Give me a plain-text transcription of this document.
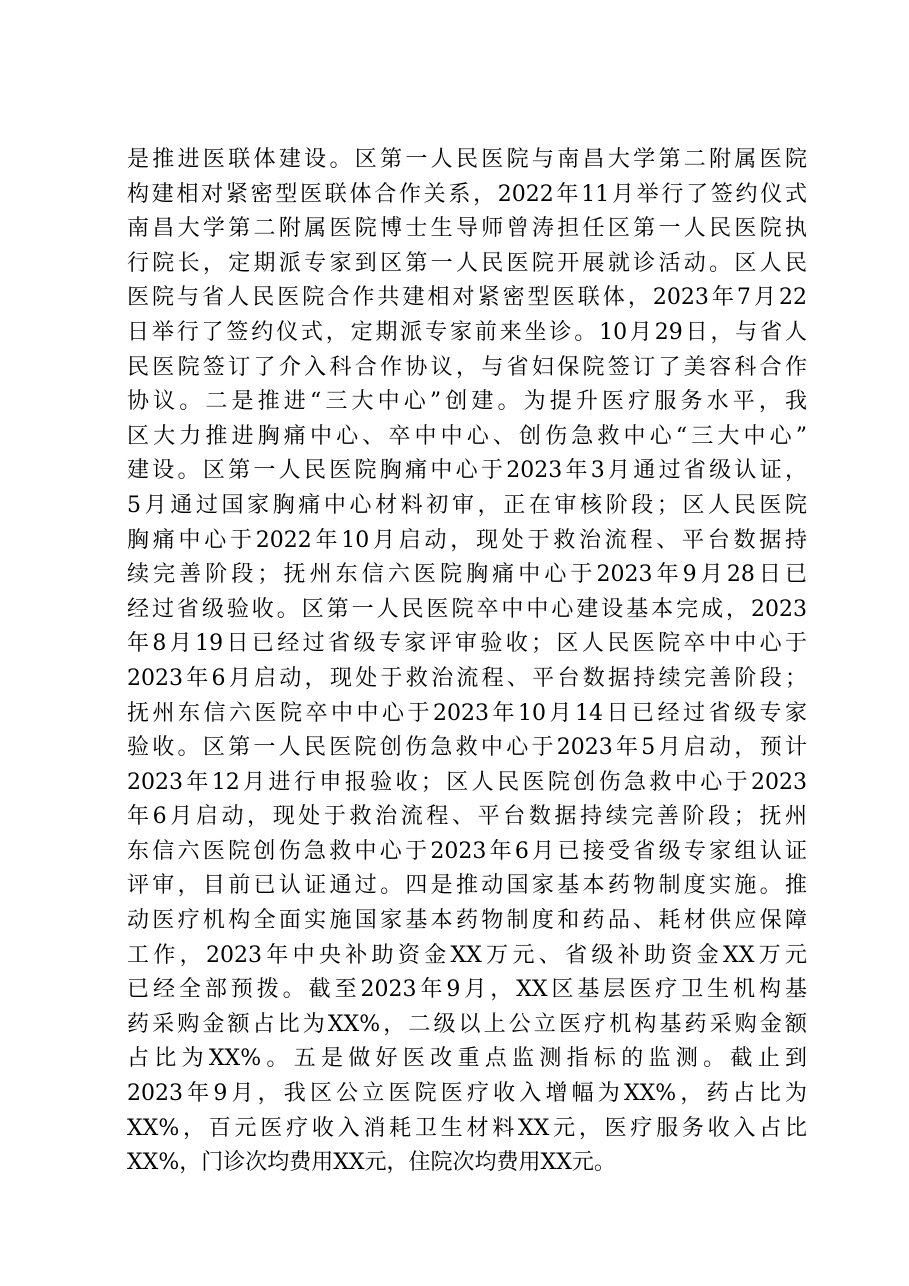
是推进医联体建设。区第一人民医院与南昌大学第二附属医院
构建相对紧密型医联体合作关系，2022年11月举行了签约仪式
南昌大学第二附属医院博士生导师曾涛担任区第一人民医院执
行院长，定期派专家到区第一人民医院开展就诊活动。区人民
医院与省人民医院合作共建相对紧密型医联体，2023年7月22
日举行了签约仪式，定期派专家前来坐诊。10月29日，与省人
民医院签订了介入科合作协议，与省妇保院签订了美容科合作
协议。二是推进“三大中心”创建。为提升医疗服务水平，我
区大力推进胸痛中心、卒中中心、创伤急救中心“三大中心”
建设。区第一人民医院胸痛中心于2023年3月通过省级认证，
5月通过国家胸痛中心材料初审，正在审核阶段；区人民医院
胸痛中心于2022年10月启动，现处于救治流程、平台数据持
续完善阶段；抚州东信六医院胸痛中心于2023年9月28日已
经过省级验收。区第一人民医院卒中中心建设基本完成，2023
年8月19日已经过省级专家评审验收；区人民医院卒中中心于
2023年6月启动，现处于救治流程、平台数据持续完善阶段；
抚州东信六医院卒中中心于2023年10月14日已经过省级专家
验收。区第一人民医院创伤急救中心于2023年5月启动，预计
2023年12月进行申报验收；区人民医院创伤急救中心于2023
年6月启动，现处于救治流程、平台数据持续完善阶段；抚州
东信六医院创伤急救中心于2023年6月已接受省级专家组认证
评审，目前已认证通过。四是推动国家基本药物制度实施。推
动医疗机构全面实施国家基本药物制度和药品、耗材供应保障
工作，2023年中央补助资金XX万元、省级补助资金XX万元
已经全部预拨。截至2023年9月，XX区基层医疗卫生机构基
药采购金额占比为XX%，二级以上公立医疗机构基药采购金额
占比为XX%。五是做好医改重点监测指标的监测。截止到
2023年9月，我区公立医院医疗收入增幅为XX%，药占比为
XX%，百元医疗收入消耗卫生材料XX元，医疗服务收入占比
XX%，门诊次均费用XX元，住院次均费用XX元。
